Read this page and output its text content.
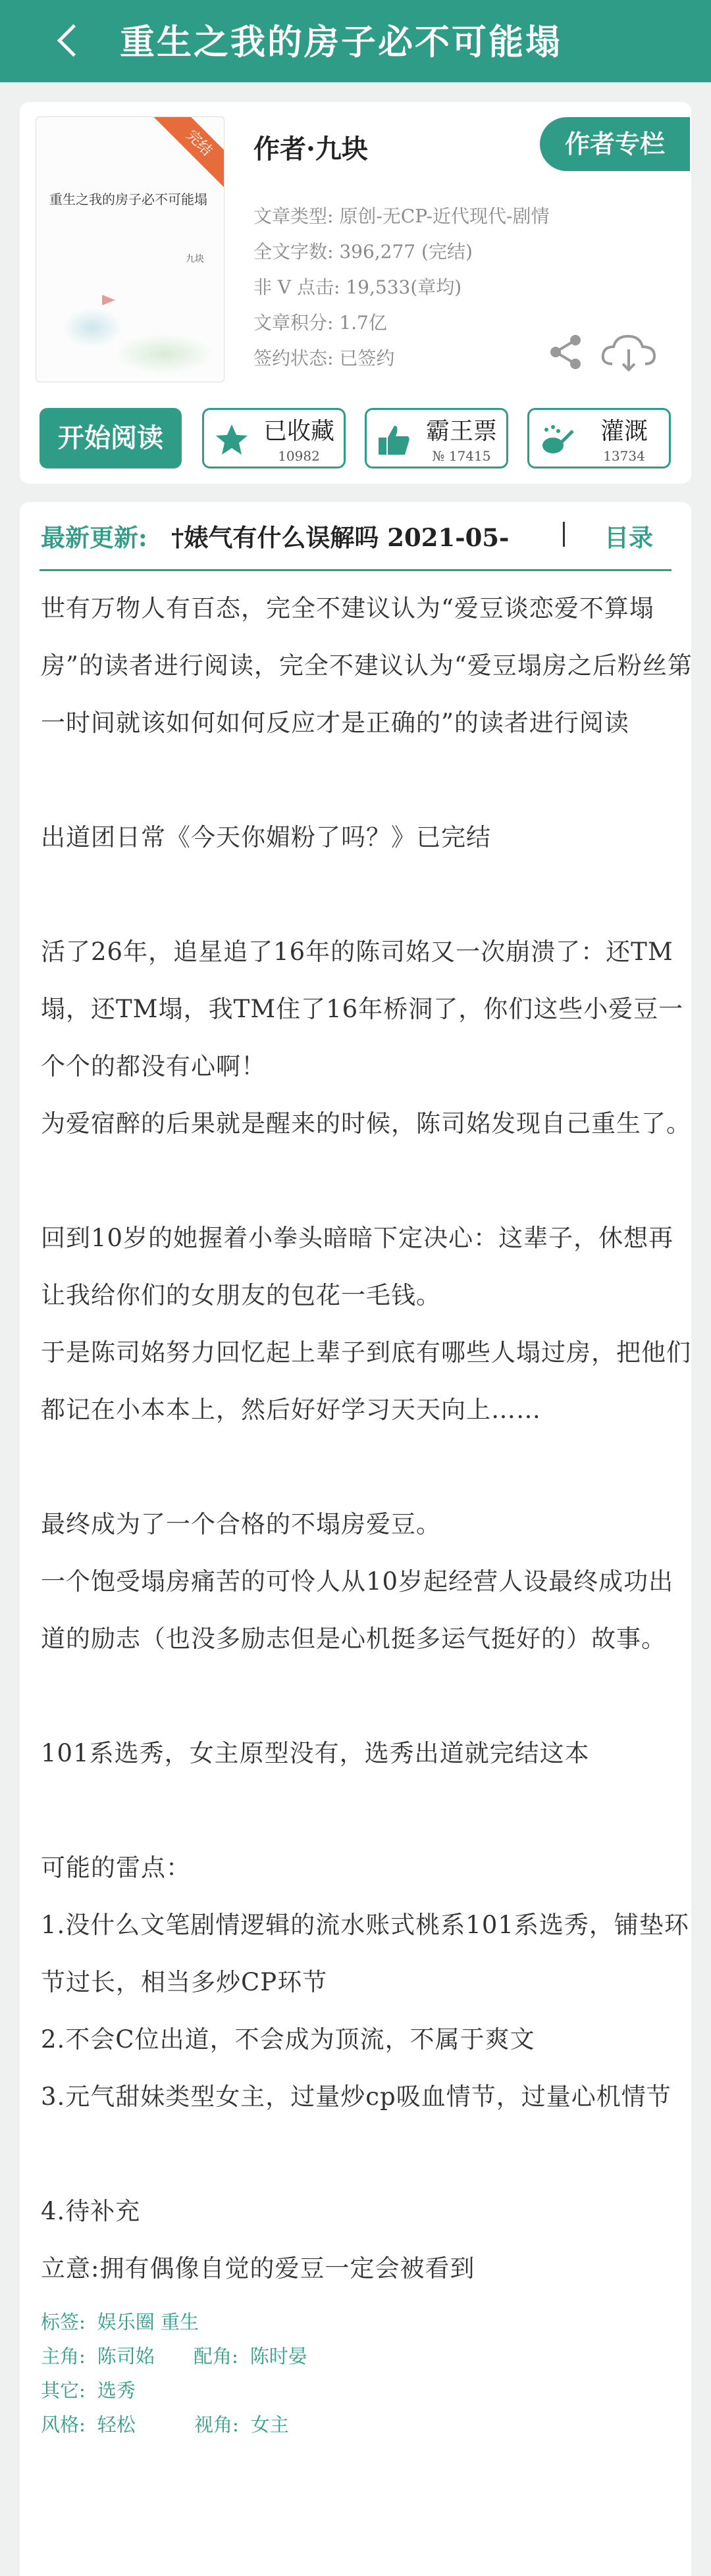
重生之我的房子必不可能塌
完结
重生之我的房子必不可能塌
九块
作者·九块	作者专栏
文章类型: 原创-无CP-近代现代-剧情
全文字数: 396,277 (完结)
非 V 点击: 19,533(章均)
文章积分: 1.7亿
签约状态: 已签约
开始阅读	已收藏
10982
霸王票
№ 17415
灌溉
13734
最新更新: †婊气有什么误解吗 2021-05-	目录
世有万物人有百态，完全不建议认为“爱豆谈恋爱不算塌房”的读者进行阅读，完全不建议认为“爱豆塌房之后粉丝第一时间就该如何如何反应才是正确的”的读者进行阅读
出道团日常《今天你媚粉了吗？》已完结
活了26年，追星追了16年的陈司姳又一次崩溃了：还TM塌，还TM塌，我TM住了16年桥洞了，你们这些小爱豆一个个的都没有心啊！
为爱宿醉的后果就是醒来的时候，陈司姳发现自己重生了。
回到10岁的她握着小拳头暗暗下定决心：这辈子，休想再让我给你们的女朋友的包花一毛钱。
于是陈司姳努力回忆起上辈子到底有哪些人塌过房，把他们都记在小本本上，然后好好学习天天向上……
最终成为了一个合格的不塌房爱豆。
一个饱受塌房痛苦的可怜人从10岁起经营人设最终成功出道的励志（也没多励志但是心机挺多运气挺好的）故事。
101系选秀，女主原型没有，选秀出道就完结这本
可能的雷点：
1.没什么文笔剧情逻辑的流水账式桃系101系选秀，铺垫环节过长，相当多炒CP环节
2.不会C位出道，不会成为顶流，不属于爽文
3.元气甜妹类型女主，过量炒cp吸血情节，过量心机情节
4.待补充
立意:拥有偶像自觉的爱豆一定会被看到
标签: 娱乐圈 重生
主角: 陈司姳 配角: 陈时晏
其它: 选秀
风格: 轻松	视角: 女主
